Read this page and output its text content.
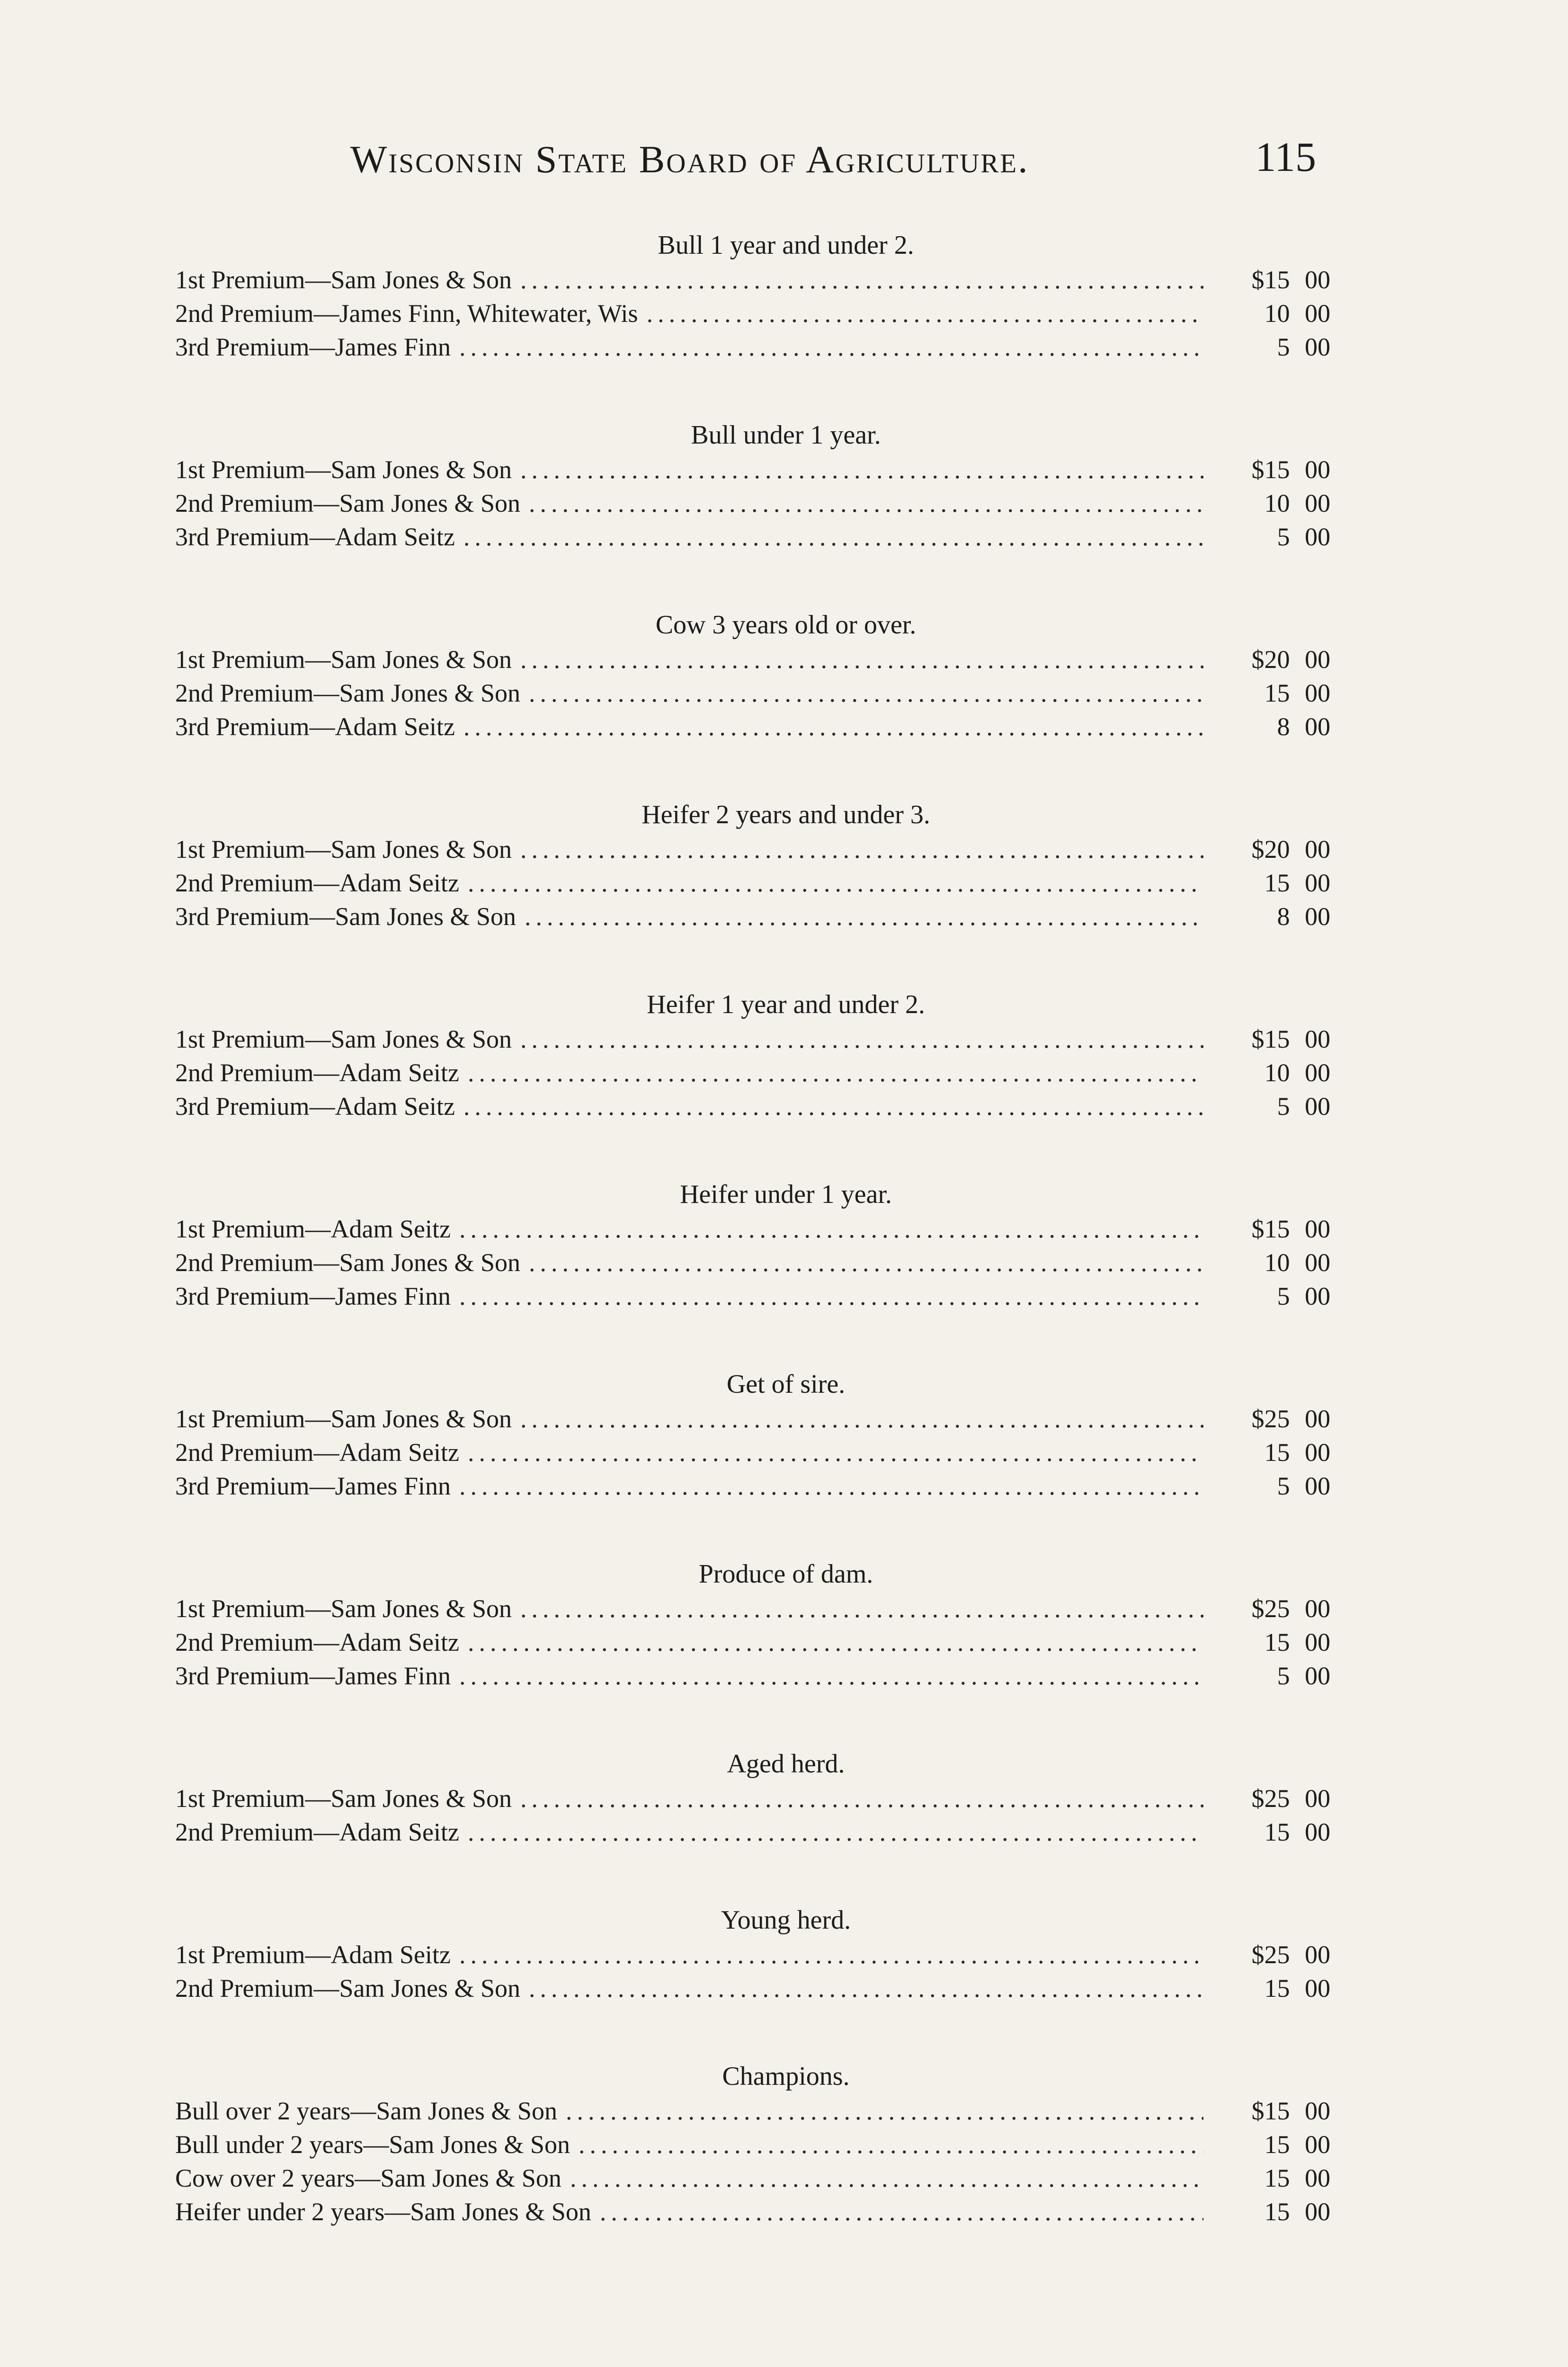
Wisconsin State Board of Agriculture.	115
Bull 1 year and under 2.
1st Premium—Sam Jones & Son .....	$15 00
2nd Premium—James Finn, Whitewater, Wis .....	10 00
3rd Premium—James Finn .....	5 00
Bull under 1 year.
1st Premium—Sam Jones & Son .....	$15 00
2nd Premium—Sam Jones & Son .....	10 00
3rd Premium—Adam Seitz .....	5 00
Cow 3 years old or over.
1st Premium—Sam Jones & Son .....	$20 00
2nd Premium—Sam Jones & Son .....	15 00
3rd Premium—Adam Seitz .....	8 00
Heifer 2 years and under 3.
1st Premium—Sam Jones & Son .....	$20 00
2nd Premium—Adam Seitz .....	15 00
3rd Premium—Sam Jones & Son .....	8 00
Heifer 1 year and under 2.
1st Premium—Sam Jones & Son .....	$15 00
2nd Premium—Adam Seitz .....	10 00
3rd Premium—Adam Seitz .....	5 00
Heifer under 1 year.
1st Premium—Adam Seitz .....	$15 00
2nd Premium—Sam Jones & Son .....	10 00
3rd Premium—James Finn .....	5 00
Get of sire.
1st Premium—Sam Jones & Son .....	$25 00
2nd Premium—Adam Seitz .....	15 00
3rd Premium—James Finn .....	5 00
Produce of dam.
1st Premium—Sam Jones & Son .....	$25 00
2nd Premium—Adam Seitz .....	15 00
3rd Premium—James Finn .....	5 00
Aged herd.
1st Premium—Sam Jones & Son .....	$25 00
2nd Premium—Adam Seitz .....	15 00
Young herd.
1st Premium—Adam Seitz .....	$25 00
2nd Premium—Sam Jones & Son .....	15 00
Champions.
Bull over 2 years—Sam Jones & Son .....	$15 00
Bull under 2 years—Sam Jones & Son .....	15 00
Cow over 2 years—Sam Jones & Son .....	15 00
Heifer under 2 years—Sam Jones & Son .....	15 00
